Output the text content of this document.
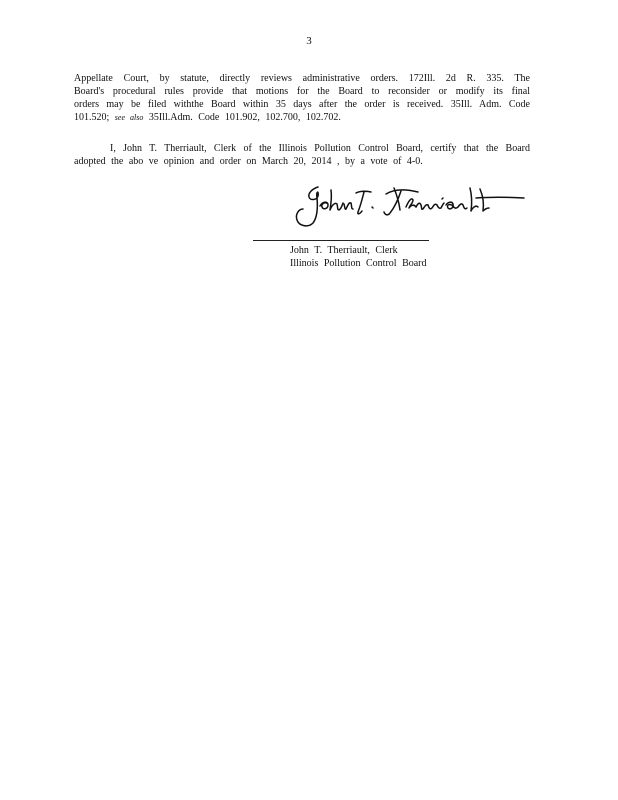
3
Appellate Court, by statute, directly reviews administrative orders. 172Ill. 2d R. 335. The
Board's procedural rules provide that motions for the Board to reconsider or modify its final
orders may be filed withthe Board within 35 days after the order is received. 35Ill. Adm. Code
101.520; see also 35Ill.Adm. Code 101.902, 102.700, 102.702.
I, John T. Therriault, Clerk of the Illinois Pollution Control Board, certify that the Board
adopted the abo ve opinion and order on March 20, 2014 , by a vote of 4-0.
John T. Therriault, Clerk
Illinois Pollution Control Board
